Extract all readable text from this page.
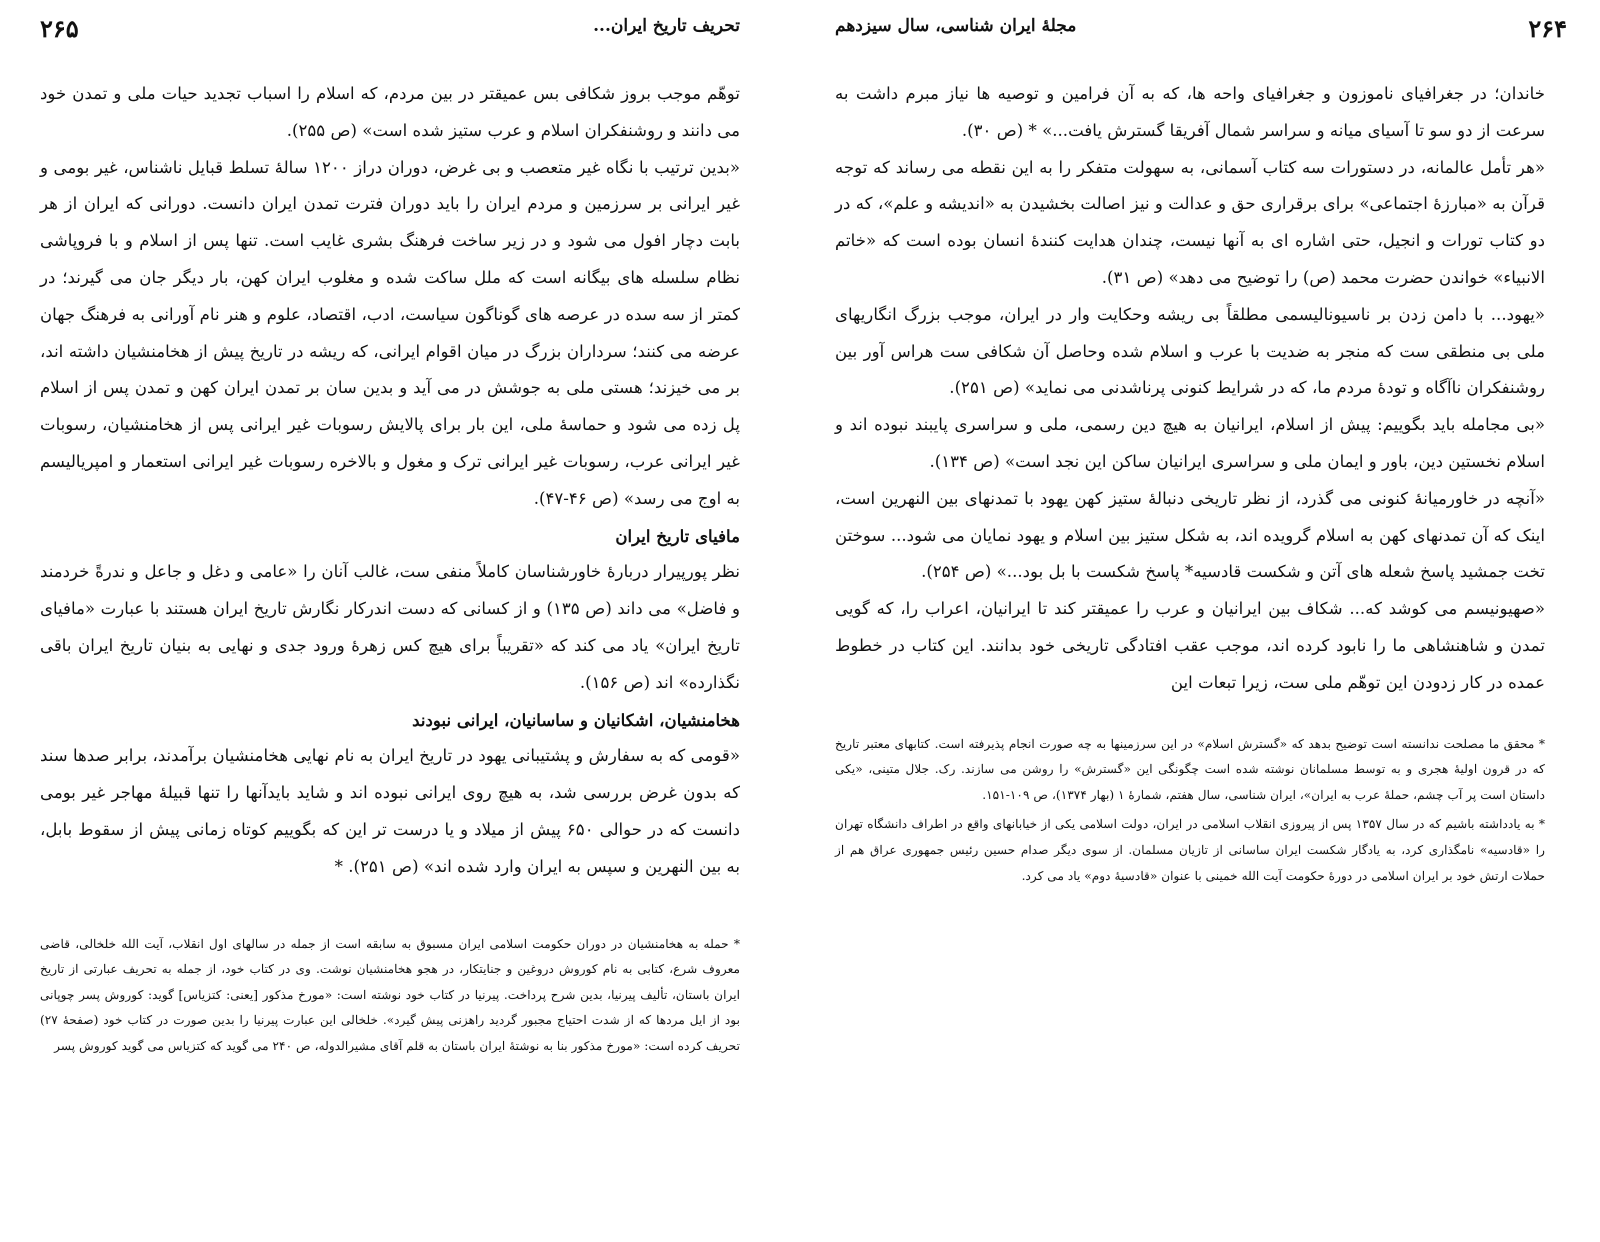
۲۶۴
مجلهٔ ایران شناسی، سال سیزدهم

خاندان؛ در جغرافیای ناموزون و جغرافیای واحه ها، که به آن فرامین و توصیه ها نیاز مبرم داشت به سرعت از دو سو تا آسیای میانه و سراسر شمال آفریقا گسترش یافت...» * (ص ۳۰).

«هر تأمل عالمانه، در دستورات سه کتاب آسمانی، به سهولت متفکر را به این نقطه می رساند که توجه قرآن به «مبارزهٔ اجتماعی» برای برقراری حق و عدالت و نیز اصالت بخشیدن به «اندیشه و علم»، که در دو کتاب تورات و انجیل، حتی اشاره ای به آنها نیست، چندان هدایت کنندهٔ انسان بوده است که «خاتم الانبیاء» خواندن حضرت محمد (ص) را توضیح می دهد» (ص ۳۱).

«یهود... با دامن زدن بر ناسیونالیسمی مطلقاً بی ریشه وحکایت وار در ایران، موجب بزرگ انگاریهای ملی بی منطقی ست که منجر به ضدیت با عرب و اسلام شده وحاصل آن شکافی ست هراس آور بین روشنفکران ناآگاه و تودهٔ مردم ما، که در شرایط کنونی پرناشدنی می نماید» (ص ۲۵۱).

«بی مجامله باید بگوییم: پیش از اسلام، ایرانیان به هیچ دین رسمی، ملی و سراسری پایبند نبوده اند و اسلام نخستین دین، باور و ایمان ملی و سراسری ایرانیان ساکن این نجد است» (ص ۱۳۴).

«آنچه در خاورمیانهٔ کنونی می گذرد، از نظر تاریخی دنبالهٔ ستیز کهن یهود با تمدنهای بین النهرین است، اینک که آن تمدنهای کهن به اسلام گرویده اند، به شکل ستیز بین اسلام و یهود نمایان می شود... سوختن تخت جمشید پاسخ شعله های آتن و شکست قادسیه* پاسخ شکست با بل بود...» (ص ۲۵۴).

«صهیونیسم می کوشد که... شکاف بین ایرانیان و عرب را عمیقتر کند تا ایرانیان، اعراب را، که گویی تمدن و شاهنشاهی ما را نابود کرده اند، موجب عقب افتادگی تاریخی خود بدانند. این کتاب در خطوط عمده در کار زدودن این توهّم ملی ست، زیرا تبعات این

* محقق ما مصلحت ندانسته است توضیح بدهد که «گسترش اسلام» در این سرزمینها به چه صورت انجام پذیرفته است. کتابهای معتبر تاریخ که در قرون اولیهٔ هجری و به توسط مسلمانان نوشته شده است چگونگی این «گسترش» را روشن می سازند. رک. جلال متینی، «یکی داستان است پر آب چشم، حملهٔ عرب به ایران»، ایران شناسی، سال هفتم، شمارهٔ ۱ (بهار ۱۳۷۴)، ص ۱۰۹-۱۵۱.

* به یادداشته باشیم که در سال ۱۳۵۷ پس از پیروزی انقلاب اسلامی در ایران، دولت اسلامی یکی از خیابانهای واقع در اطراف دانشگاه تهران را «قادسیه» نامگذاری کرد، به یادگار شکست ایران ساسانی از تازیان مسلمان. از سوی دیگر صدام حسین رئیس جمهوری عراق هم از حملات ارتش خود بر ایران اسلامی در دورهٔ حکومت آیت الله خمینی با عنوان «قادسیهٔ دوم» یاد می کرد.

۲۶۵	تحریف تاریخ ایران...

توهّم موجب بروز شکافی بس عمیقتر در بین مردم، که اسلام را اسباب تجدید حیات ملی و تمدن خود می دانند و روشنفکران اسلام و عرب ستیز شده است» (ص ۲۵۵).

«بدین ترتیب با نگاه غیر متعصب و بی غرض، دوران دراز ۱۲۰۰ سالهٔ تسلط قبایل ناشناس، غیر بومی و غیر ایرانی بر سرزمین و مردم ایران را باید دوران فترت تمدن ایران دانست. دورانی که ایران از هر بابت دچار افول می شود و در زیر ساخت فرهنگ بشری غایب است. تنها پس از اسلام و با فروپاشی نظام سلسله های بیگانه است که ملل ساکت شده و مغلوب ایران کهن، بار دیگر جان می گیرند؛ در کمتر از سه سده در عرصه های گوناگون سیاست، ادب، اقتصاد، علوم و هنر نام آورانی به فرهنگ جهان عرضه می کنند؛ سرداران بزرگ در میان اقوام ایرانی، که ریشه در تاریخ پیش از هخامنشیان داشته اند، بر می خیزند؛ هستی ملی به جوشش در می آید و بدین سان بر تمدن ایران کهن و تمدن پس از اسلام پل زده می شود و حماسهٔ ملی، این بار برای پالایش رسوبات غیر ایرانی پس از هخامنشیان، رسوبات غیر ایرانی عرب، رسوبات غیر ایرانی ترک و مغول و بالاخره رسوبات غیر ایرانی استعمار و امپریالیسم به اوج می رسد» (ص ۴۶-۴۷).

مافیای تاریخ ایران

نظر پورپیرار دربارهٔ خاورشناسان کاملاً منفی ست، غالب آنان را «عامی و دغل و جاعل و ندرةً خردمند و فاضل» می داند (ص ۱۳۵) و از کسانی که دست اندرکار نگارش تاریخ ایران هستند با عبارت «مافیای تاریخ ایران» یاد می کند که «تقریباً برای هیچ کس زهرهٔ ورود جدی و نهایی به بنیان تاریخ ایران باقی نگذارده» اند (ص ۱۵۶).

هخامنشیان، اشکانیان و ساسانیان، ایرانی نبودند

«قومی که به سفارش و پشتیبانی یهود در تاریخ ایران به نام نهایی هخامنشیان برآمدند، برابر صدها سند که بدون غرض بررسی شد، به هیچ روی ایرانی نبوده اند و شاید بایدآنها را تنها قبیلهٔ مهاجر غیر بومی دانست که در حوالی ۶۵۰ پیش از میلاد و یا درست تر این که بگوییم کوتاه زمانی پیش از سقوط بابل، به بین النهرین و سپس به ایران وارد شده اند» (ص ۲۵۱). *

* حمله به هخامنشیان در دوران حکومت اسلامی ایران مسبوق به سابقه است از جمله در سالهای اول انقلاب، آیت الله خلخالی، قاضی معروف شرع، کتابی به نام کوروش دروغین و جنایتکار، در هجو هخامنشیان نوشت. وی در کتاب خود، از جمله به تحریف عبارتی از تاریخ ایران باستان، تألیف پیرنیا، بدین شرح پرداخت. پیرنیا در کتاب خود نوشته است: «مورخ مذکور [یعنی: کتزیاس] گوید: کوروش پسر چوپانی بود از ایل مردها که از شدت احتیاج مجبور گردید راهزنی پیش گیرد». خلخالی این عبارت پیرنیا را بدین صورت در کتاب خود (صفحهٔ ۲۷) تحریف کرده است: «مورخ مذکور بنا به نوشتهٔ ایران باستان به قلم آقای مشیرالدوله، ص ۲۴۰ می گوید که کتزیاس می گوید کوروش پسر
